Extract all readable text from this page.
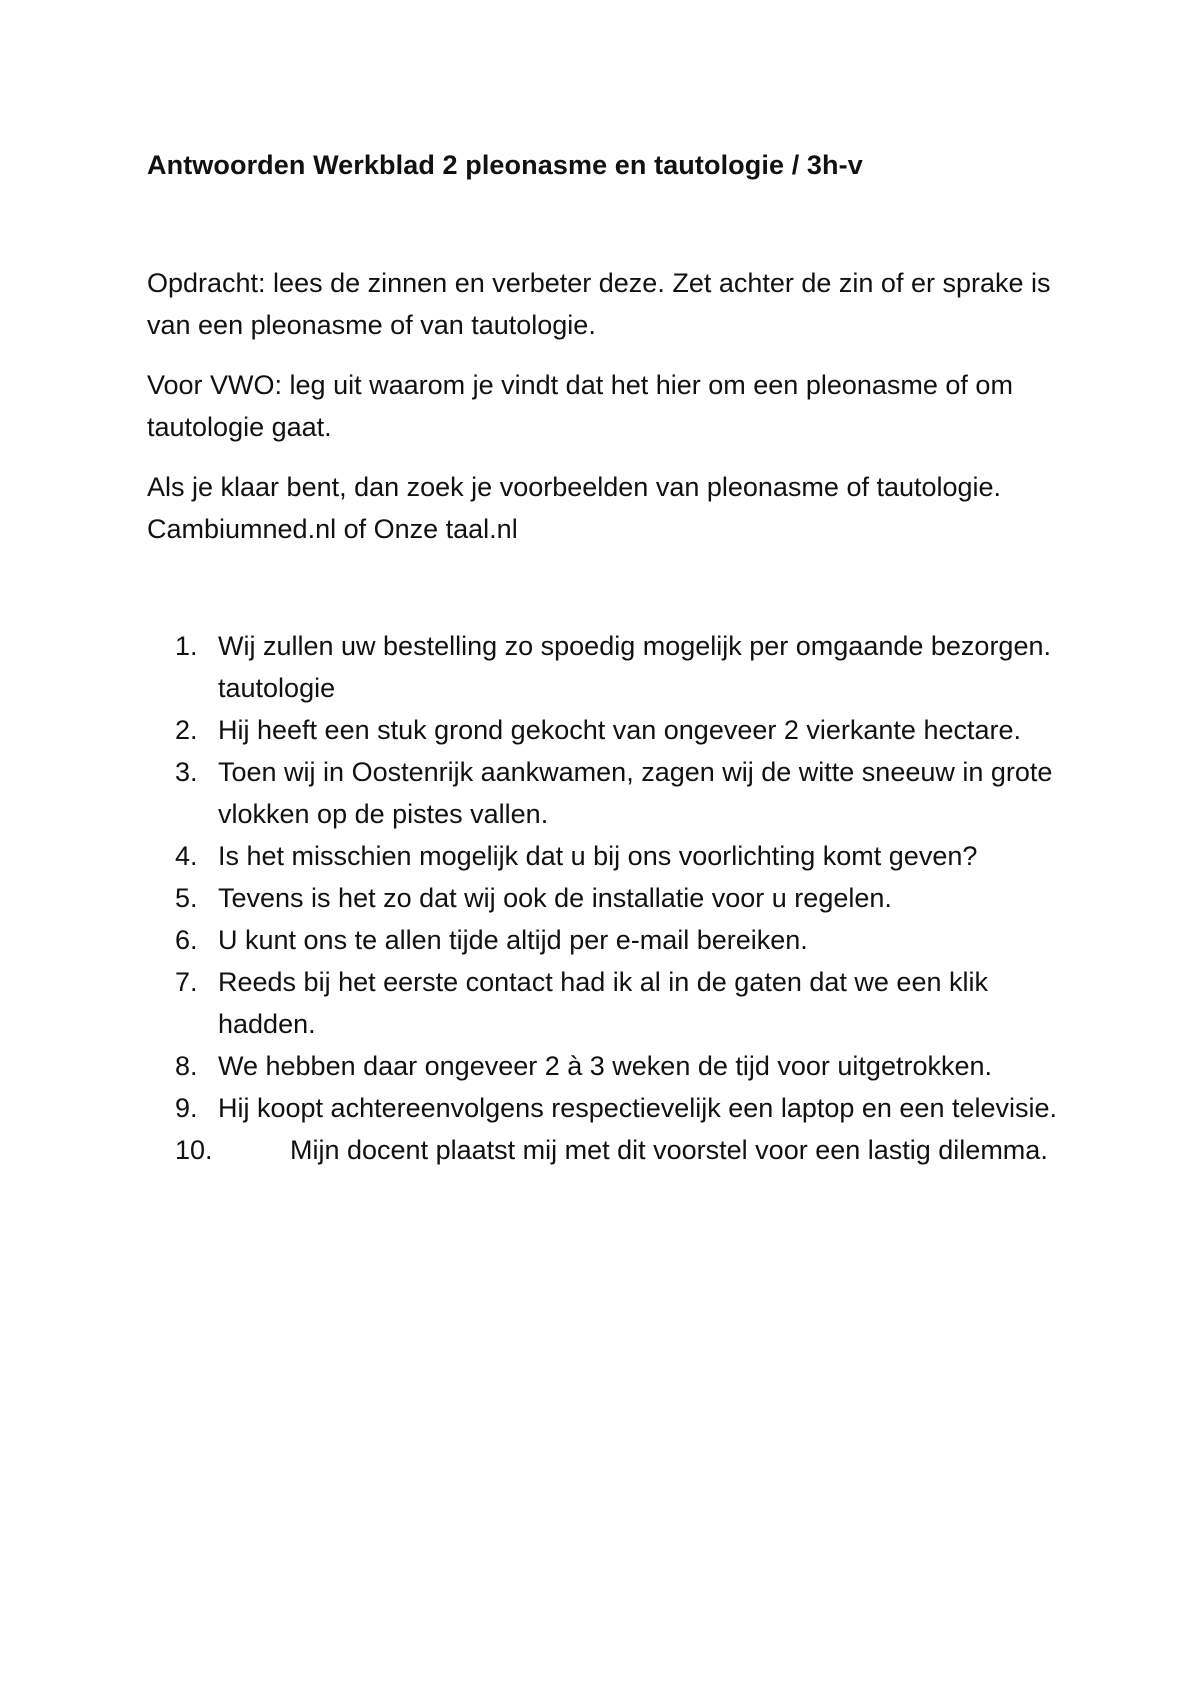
Antwoorden Werkblad 2 pleonasme en tautologie / 3h-v

Opdracht: lees de zinnen en verbeter deze. Zet achter de zin of er sprake is van een pleonasme of van tautologie.

Voor VWO: leg uit waarom je vindt dat het hier om een pleonasme of om tautologie gaat.

Als je klaar bent, dan zoek je voorbeelden van pleonasme of tautologie. Cambiumned.nl of Onze taal.nl

1. Wij zullen uw bestelling zo spoedig mogelijk per omgaande bezorgen.
tautologie
2. Hij heeft een stuk grond gekocht van ongeveer 2 vierkante hectare.
3. Toen wij in Oostenrijk aankwamen, zagen wij de witte sneeuw in grote vlokken op de pistes vallen.
4. Is het misschien mogelijk dat u bij ons voorlichting komt geven?
5. Tevens is het zo dat wij ook de installatie voor u regelen.
6. U kunt ons te allen tijde altijd per e-mail bereiken.
7. Reeds bij het eerste contact had ik al in de gaten dat we een klik hadden.
8. We hebben daar ongeveer 2 à 3 weken de tijd voor uitgetrokken.
9. Hij koopt achtereenvolgens respectievelijk een laptop en een televisie.
10.	Mijn docent plaatst mij met dit voorstel voor een lastig dilemma.
